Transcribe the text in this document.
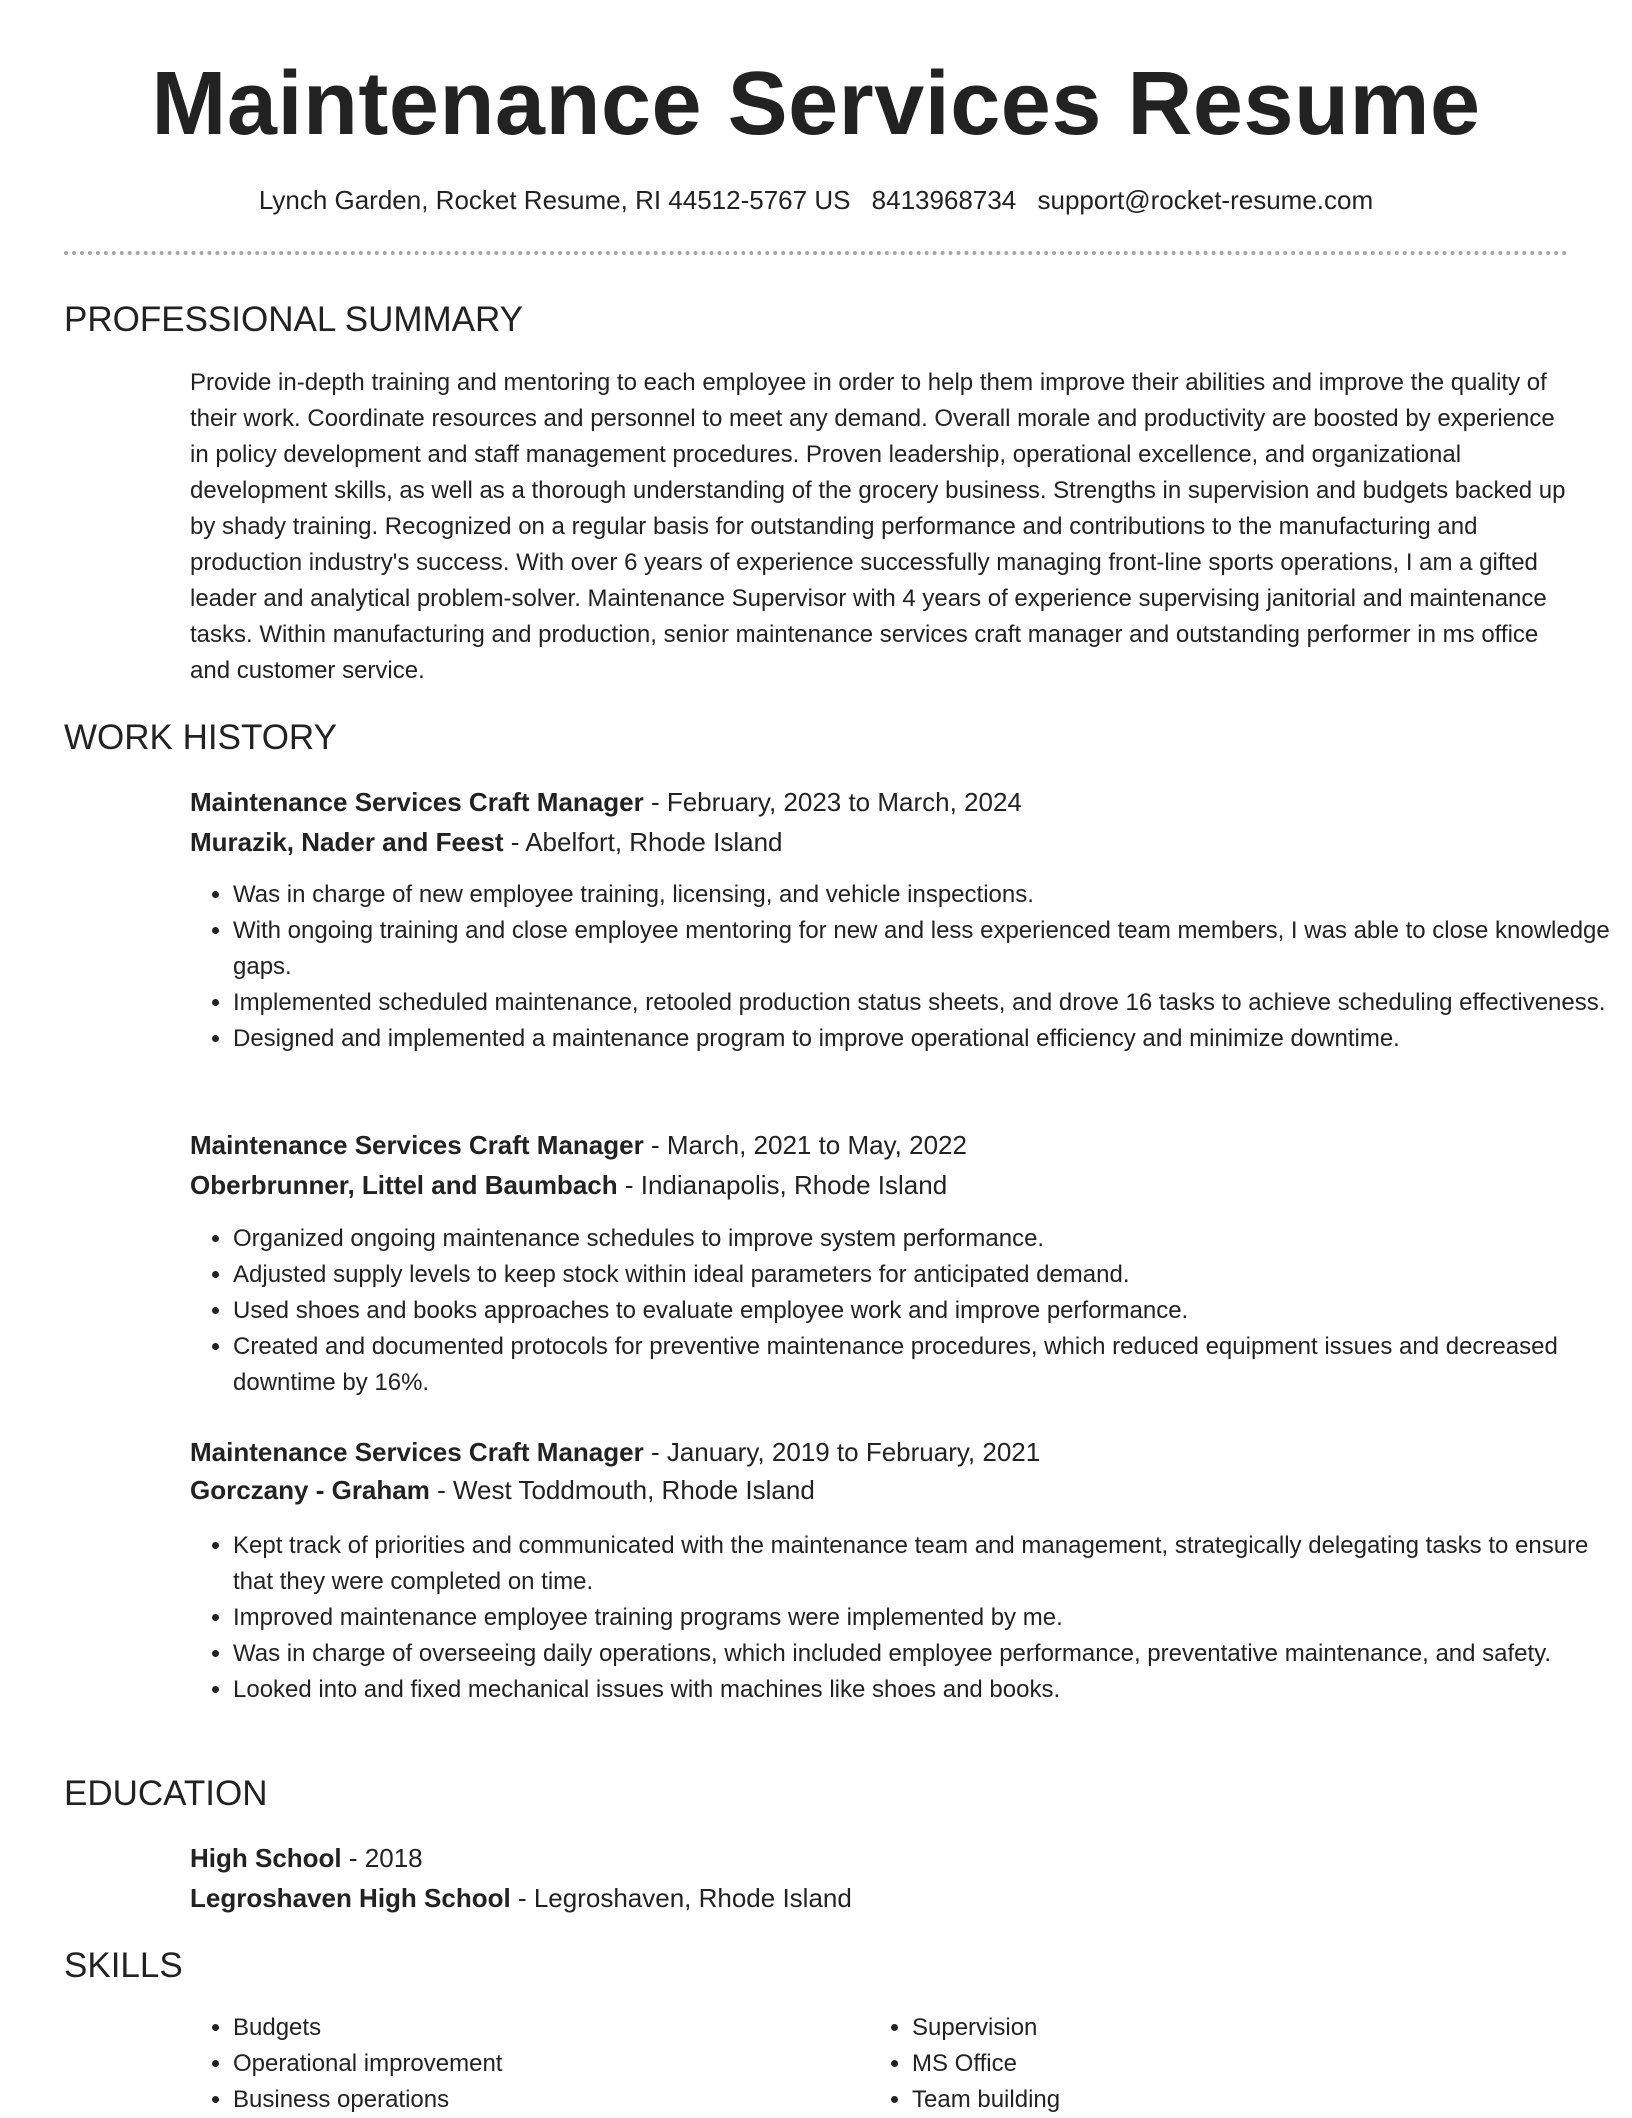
Maintenance Services Resume
Lynch Garden, Rocket Resume, RI 44512-5767 US 8413968734 support@rocket-resume.com
PROFESSIONAL SUMMARY

Provide in-depth training and mentoring to each employee in order to help them improve their abilities and improve the quality of their work. Coordinate resources and personnel to meet any demand. Overall morale and productivity are boosted by experience in policy development and staff management procedures. Proven leadership, operational excellence, and organizational development skills, as well as a thorough understanding of the grocery business. Strengths in supervision and budgets backed up by shady training. Recognized on a regular basis for outstanding performance and contributions to the manufacturing and production industry's success. With over 6 years of experience successfully managing front-line sports operations, I am a gifted leader and analytical problem-solver. Maintenance Supervisor with 4 years of experience supervising janitorial and maintenance tasks. Within manufacturing and production, senior maintenance services craft manager and outstanding performer in ms office and customer service.

WORK HISTORY
Maintenance Services Craft Manager - February, 2023 to March, 2024
Murazik, Nader and Feest - Abelfort, Rhode Island
• Was in charge of new employee training, licensing, and vehicle inspections.
• With ongoing training and close employee mentoring for new and less experienced team members, I was able to close knowledge gaps.
• Implemented scheduled maintenance, retooled production status sheets, and drove 16 tasks to achieve scheduling effectiveness.
• Designed and implemented a maintenance program to improve operational efficiency and minimize downtime.
Maintenance Services Craft Manager - March, 2021 to May, 2022
Oberbrunner, Littel and Baumbach - Indianapolis, Rhode Island
• Organized ongoing maintenance schedules to improve system performance.
• Adjusted supply levels to keep stock within ideal parameters for anticipated demand.
• Used shoes and books approaches to evaluate employee work and improve performance.
• Created and documented protocols for preventive maintenance procedures, which reduced equipment issues and decreased downtime by 16%.
Maintenance Services Craft Manager - January, 2019 to February, 2021
Gorczany - Graham - West Toddmouth, Rhode Island
• Kept track of priorities and communicated with the maintenance team and management, strategically delegating tasks to ensure that they were completed on time.
• Improved maintenance employee training programs were implemented by me.
• Was in charge of overseeing daily operations, which included employee performance, preventative maintenance, and safety.
• Looked into and fixed mechanical issues with machines like shoes and books.
EDUCATION
High School - 2018
Legroshaven High School - Legroshaven, Rhode Island
SKILLS
• Budgets
• Operational improvement
• Business operations
• Supervision
• MS Office
• Team building
